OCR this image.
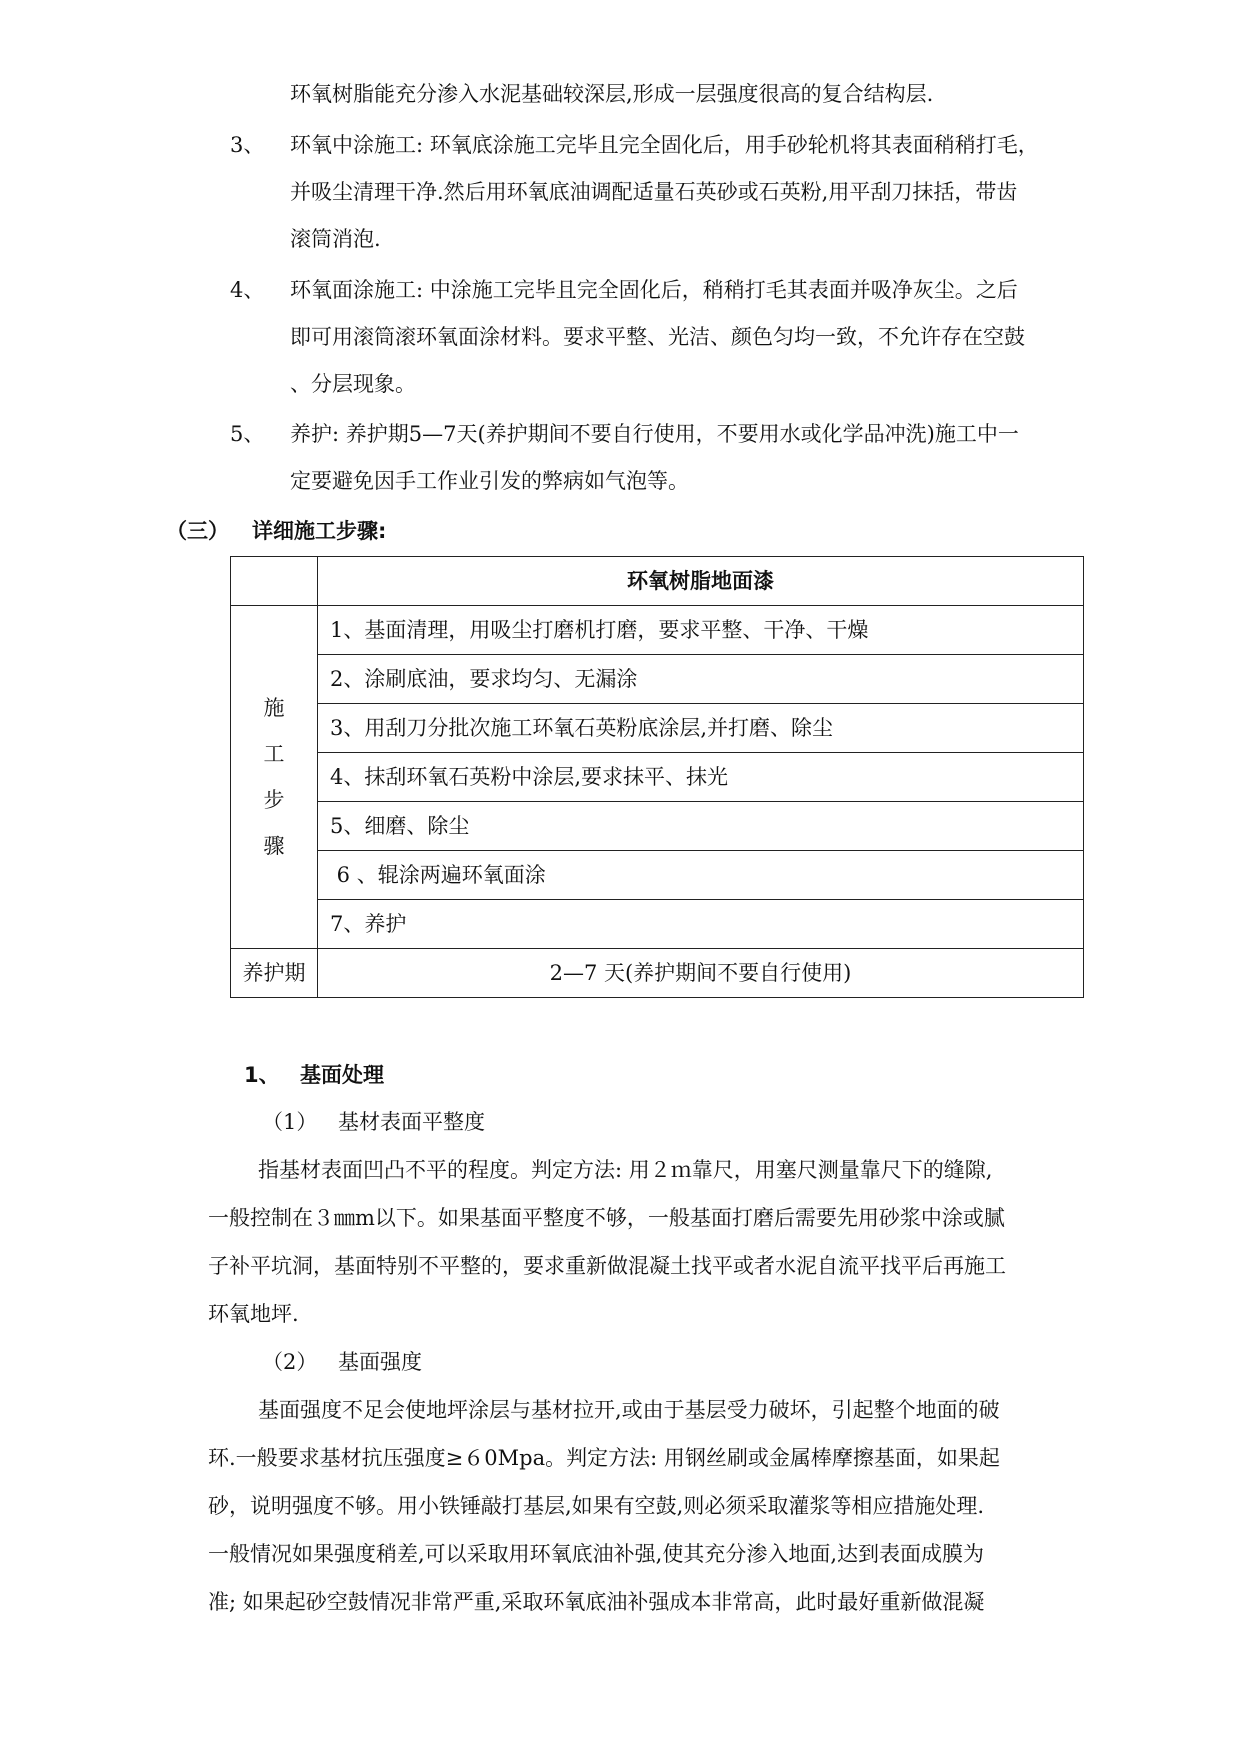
环氧树脂能充分渗入水泥基础较深层,形成一层强度很高的复合结构层.
3、 环氧中涂施工: 环氧底涂施工完毕且完全固化后，用手砂轮机将其表面稍稍打毛，
并吸尘清理干净.然后用环氧底油调配适量石英砂或石英粉,用平刮刀抹括，带齿
滚筒消泡.
4、 环氧面涂施工: 中涂施工完毕且完全固化后，稍稍打毛其表面并吸净灰尘。之后
即可用滚筒滚环氧面涂材料。要求平整、光洁、颜色匀均一致，不允许存在空鼓
、分层现象。
5、 养护: 养护期5—7天(养护期间不要自行使用，不要用水或化学品冲洗)施工中一
定要避免因手工作业引发的弊病如气泡等。
（三） 详细施工步骤:
	环氧树脂地面漆

施
工
步
骤	1、基面清理，用吸尘打磨机打磨，要求平整、干净、干燥
	2、涂刷底油，要求均匀、无漏涂
	3、用刮刀分批次施工环氧石英粉底涂层,并打磨、除尘
	4、抹刮环氧石英粉中涂层,要求抹平、抹光
	5、细磨、除尘
	6 、辊涂两遍环氧面涂
	7、养护
养护期	2—7 天(养护期间不要自行使用)
1、 基面处理
（1） 基材表面平整度
指基材表面凹凸不平的程度。判定方法: 用２ｍ靠尺，用塞尺测量靠尺下的缝隙,
一般控制在３㎜m以下。如果基面平整度不够，一般基面打磨后需要先用砂浆中涂或腻
子补平坑洞，基面特别不平整的，要求重新做混凝土找平或者水泥自流平找平后再施工
环氧地坪.
（2） 基面强度
基面强度不足会使地坪涂层与基材拉开,或由于基层受力破坏，引起整个地面的破
环.一般要求基材抗压强度≥６0Mpa。判定方法: 用钢丝刷或金属棒摩擦基面，如果起
砂，说明强度不够。用小铁锤敲打基层,如果有空鼓,则必须采取灌浆等相应措施处理.
一般情况如果强度稍差,可以采取用环氧底油补强,使其充分渗入地面,达到表面成膜为
准; 如果起砂空鼓情况非常严重,采取环氧底油补强成本非常高，此时最好重新做混凝
